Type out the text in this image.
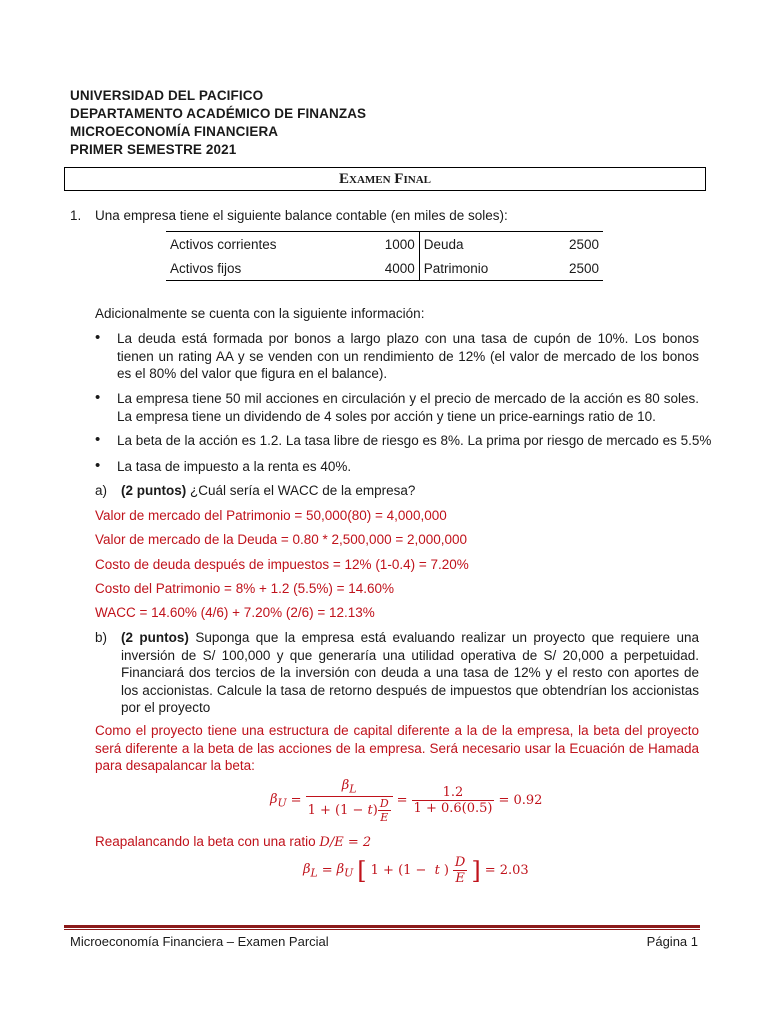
UNIVERSIDAD DEL PACIFICO
DEPARTAMENTO ACADÉMICO DE FINANZAS
MICROECONOMÍA FINANCIERA
PRIMER SEMESTRE 2021
Examen Final
1. Una empresa tiene el siguiente balance contable (en miles de soles):
Activos corrientes	1000	Deuda	2500
Activos fijos	4000	Patrimonio	2500
Adicionalmente se cuenta con la siguiente información:
• La deuda está formada por bonos a largo plazo con una tasa de cupón de 10%. Los bonos tienen un rating AA y se venden con un rendimiento de 12% (el valor de mercado de los bonos es el 80% del valor que figura en el balance).
• La empresa tiene 50 mil acciones en circulación y el precio de mercado de la acción es 80 soles. La empresa tiene un dividendo de 4 soles por acción y tiene un price-earnings ratio de 10.
• La beta de la acción es 1.2. La tasa libre de riesgo es 8%. La prima por riesgo de mercado es 5.5%
• La tasa de impuesto a la renta es 40%.
a) (2 puntos) ¿Cuál sería el WACC de la empresa?
Valor de mercado del Patrimonio = 50,000(80) = 4,000,000
Valor de mercado de la Deuda = 0.80 * 2,500,000 = 2,000,000
Costo de deuda después de impuestos = 12% (1-0.4) = 7.20%
Costo del Patrimonio = 8% + 1.2 (5.5%) = 14.60%
WACC = 14.60% (4/6) + 7.20% (2/6) = 12.13%
b) (2 puntos) Suponga que la empresa está evaluando realizar un proyecto que requiere una inversión de S/ 100,000 y que generaría una utilidad operativa de S/ 20,000 a perpetuidad. Financiará dos tercios de la inversión con deuda a una tasa de 12% y el resto con aportes de los accionistas. Calcule la tasa de retorno después de impuestos que obtendrían los accionistas por el proyecto
Como el proyecto tiene una estructura de capital diferente a la de la empresa, la beta del proyecto será diferente a la beta de las acciones de la empresa. Será necesario usar la Ecuación de Hamada para desapalancar la beta:
$\beta_U = \frac{\beta_L}{1 + (1 - t ) \frac{D}{E}} = \frac{1.2}{1 + 0.6(0.5)} = 0.92$
Reapalancando la beta con una ratio D/E = 2
$\beta_L = \beta_U$ [ 1 + (1 − t ) $\frac{D}{E}$ ] = 2.03
Microeconomía Financiera – Examen Parcial	Página 1
